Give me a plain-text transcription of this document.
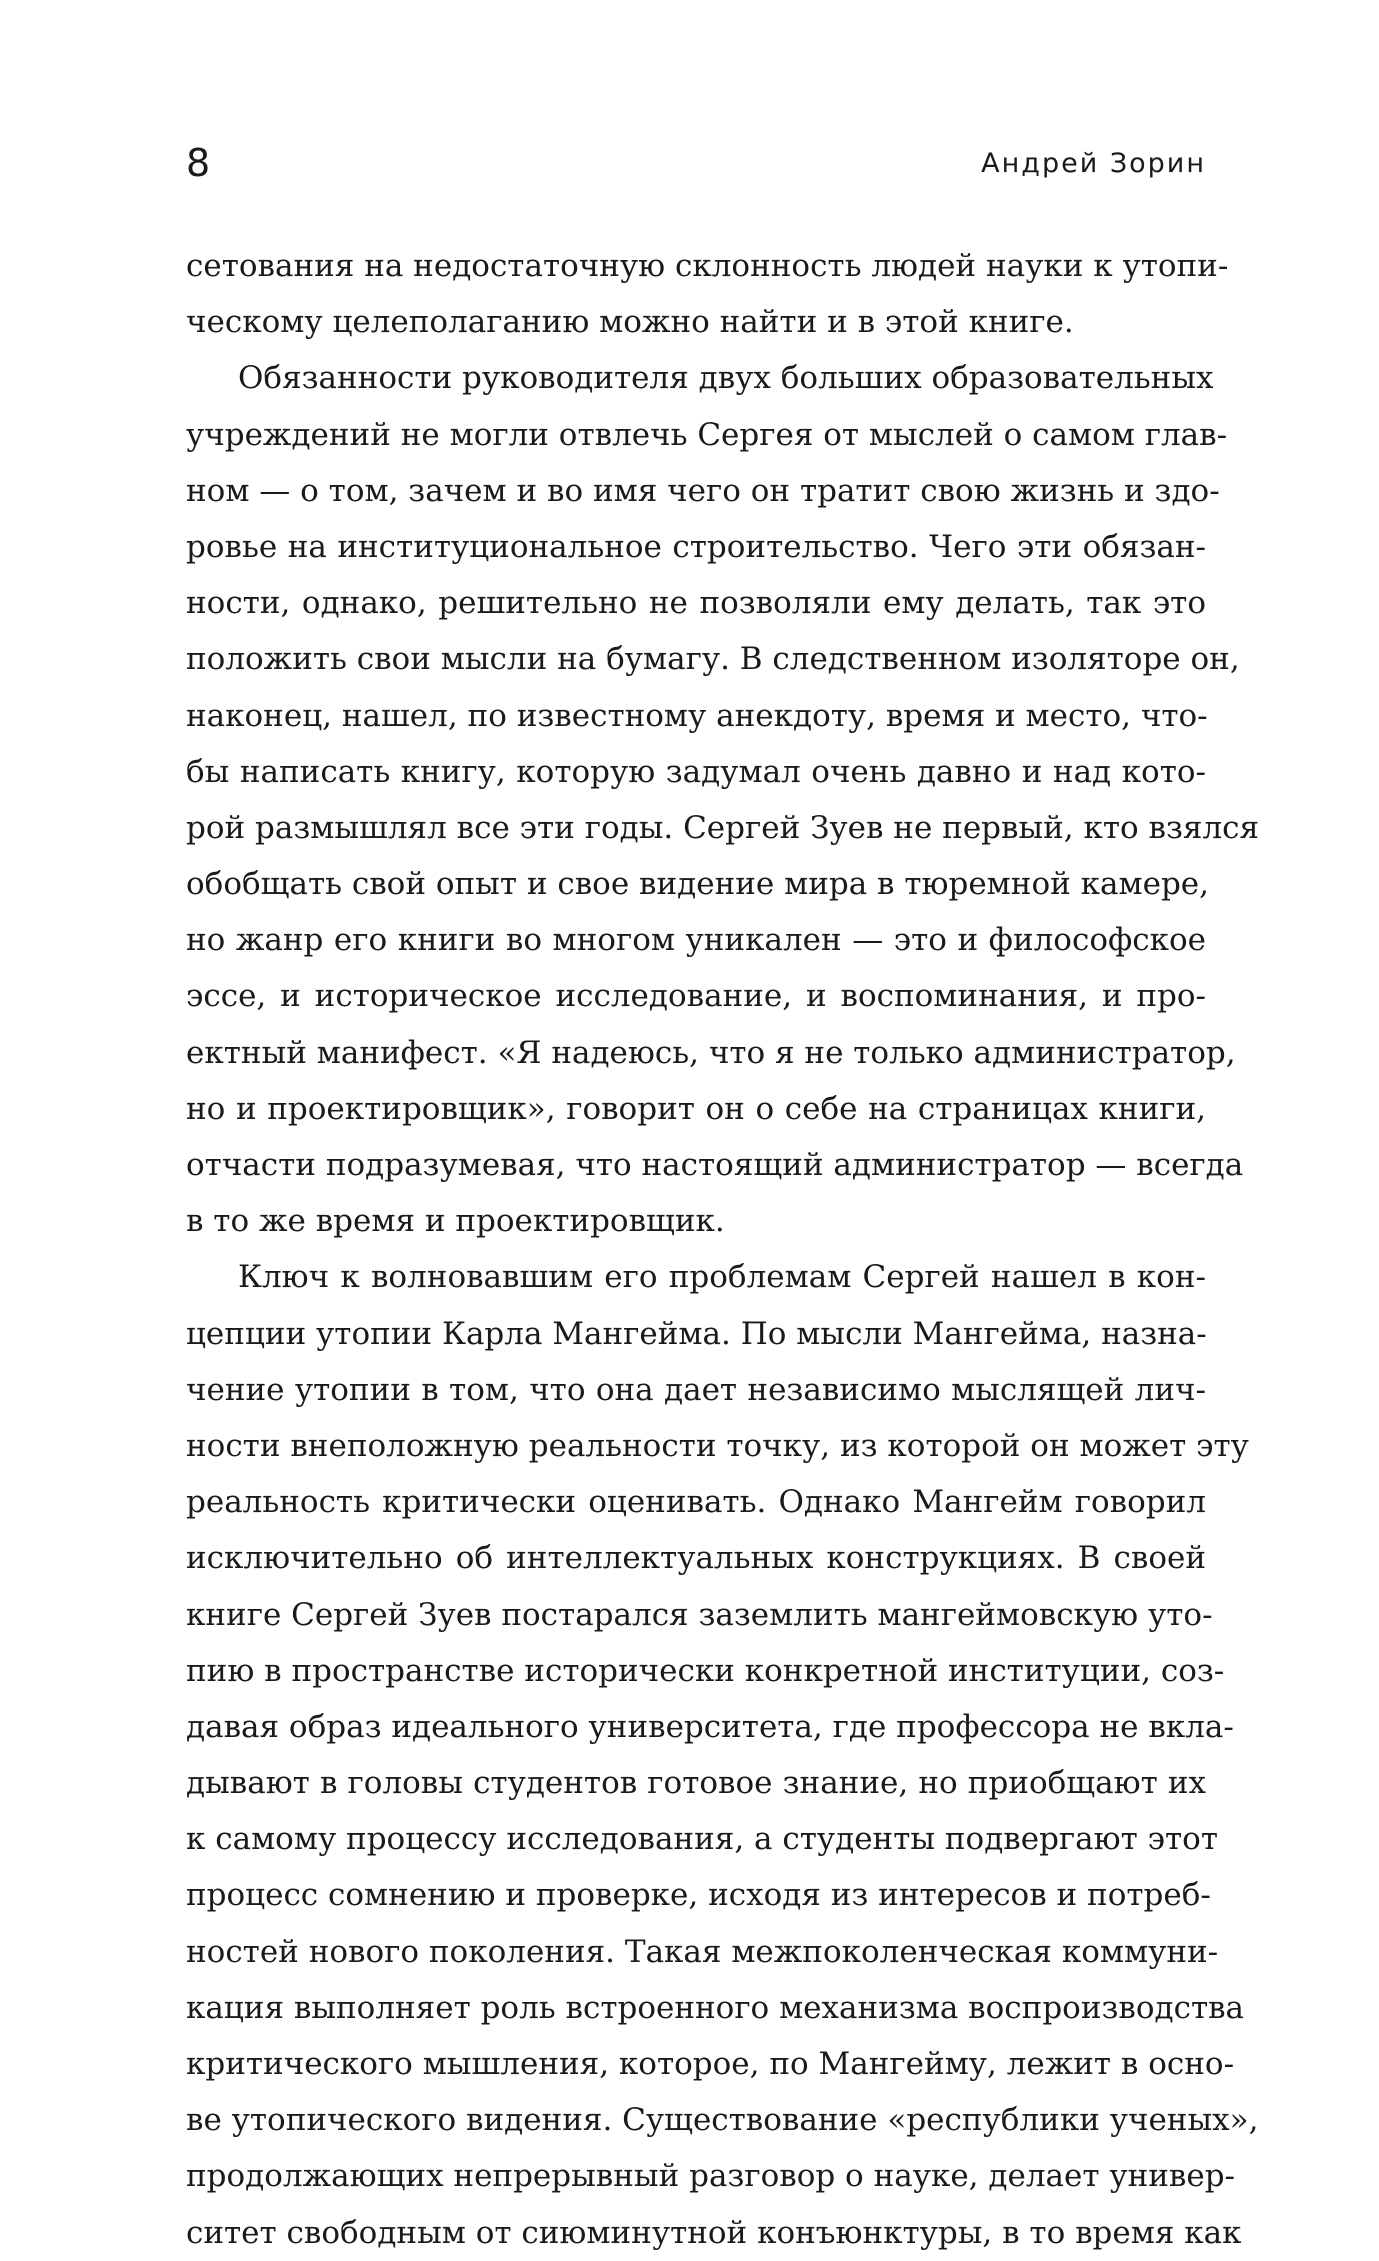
8	Андрей Зорин
сетования на недостаточную склонность людей науки к утопи-
ческому целеполаганию можно найти и в этой книге.
Обязанности руководителя двух больших образовательных
учреждений не могли отвлечь Сергея от мыслей о самом глав-
ном — о том, зачем и во имя чего он тратит свою жизнь и здо-
ровье на институциональное строительство. Чего эти обязан-
ности, однако, решительно не позволяли ему делать, так это
положить свои мысли на бумагу. В следственном изоляторе он,
наконец, нашел, по известному анекдоту, время и место, что-
бы написать книгу, которую задумал очень давно и над кото-
рой размышлял все эти годы. Сергей Зуев не первый, кто взялся
обобщать свой опыт и свое видение мира в тюремной камере,
но жанр его книги во многом уникален — это и философское
эссе, и историческое исследование, и воспоминания, и про-
ектный манифест. «Я надеюсь, что я не только администратор,
но и проектировщик», говорит он о себе на страницах книги,
отчасти подразумевая, что настоящий администратор — всегда
в то же время и проектировщик.
Ключ к волновавшим его проблемам Сергей нашел в кон-
цепции утопии Карла Мангейма. По мысли Мангейма, назна-
чение утопии в том, что она дает независимо мыслящей лич-
ности внеположную реальности точку, из которой он может эту
реальность критически оценивать. Однако Мангейм говорил
исключительно об интеллектуальных конструкциях. В своей
книге Сергей Зуев постарался заземлить мангеймовскую уто-
пию в пространстве исторически конкретной институции, соз-
давая образ идеального университета, где профессора не вкла-
дывают в головы студентов готовое знание, но приобщают их
к самому процессу исследования, а студенты подвергают этот
процесс сомнению и проверке, исходя из интересов и потреб-
ностей нового поколения. Такая межпоколенческая коммуни-
кация выполняет роль встроенного механизма воспроизводства
критического мышления, которое, по Мангейму, лежит в осно-
ве утопического видения. Существование «республики ученых»,
продолжающих непрерывный разговор о науке, делает универ-
ситет свободным от сиюминутной конъюнктуры, в то время как
